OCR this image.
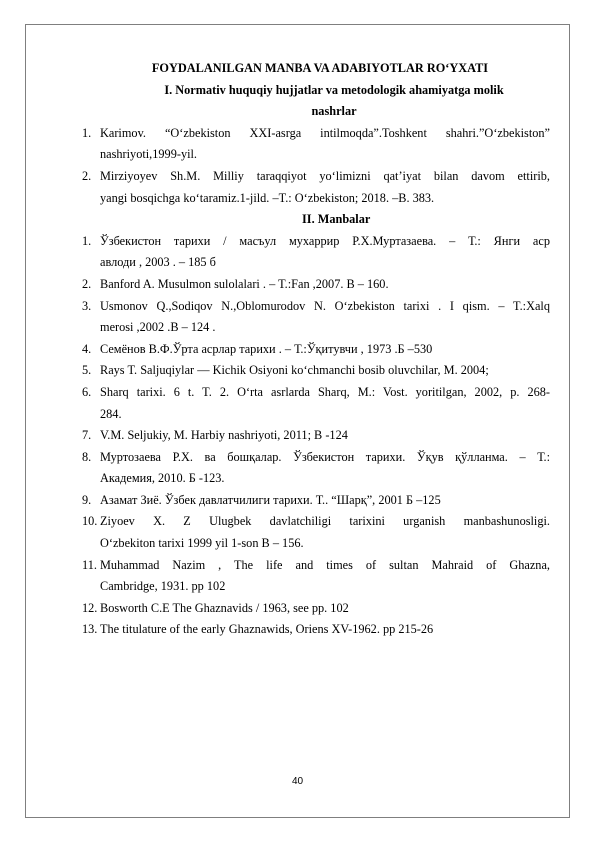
FOYDALANILGAN MANBA VA ADABIYOTLAR RO‘YXATI
I. Normativ huquqiy hujjatlar va metodologik ahamiyatga molik
nashrlar
1. Karimov. “O‘zbekiston XXI-asrga intilmoqda”.Toshkent shahri.”O‘zbekiston”
nashriyoti,1999-yil.
2. Mirziyoyev Sh.M. Milliy taraqqiyot yo‘limizni qat’iyat bilan davom ettirib,
yangi bosqichga ko‘taramiz.1-jild. –T.: O‘zbekiston; 2018. –B. 383.
II. Manbalar
1. Ўзбекистон тарихи / масъул мухаррир Р.Х.Муртазаева. – Т.: Янги аср
авлоди , 2003 . – 185 б
2. Banford A. Musulmon sulolalari . – T.:Fan ,2007. B – 160.
3. Usmonov Q.,Sodiqov N.,Oblomurodov N. O‘zbekiston tarixi . I qism. – T.:Xalq
merosi ,2002 .B – 124 .
4. Семёнов В.Ф.Ўрта асрлар тарихи . – Т.:Ўқитувчи , 1973 .Б –530
5. Rays T. Saljuqiylar — Kichik Osiyoni ko‘chmanchi bosib oluvchilar, M. 2004;
6. Sharq tarixi. 6 t. T. 2. O‘rta asrlarda Sharq, M.: Vost. yoritilgan, 2002, p. 268-
284.
7. V.M. Seljukiy, M. Harbiy nashriyoti, 2011; B -124
8. Муртозаева Р.Х. ва бошқалар. Ўзбекистон тарихи. Ўқув қўлланма. – Т.:
Академия, 2010. Б -123.
9. Азамат Зиё. Ўзбек давлатчилиги тарихи. Т.. “Шарқ”, 2001 Б –125
10. Ziyoev X. Z Ulugbek davlatchiligi tarixini urganish manbashunosligi.
O‘zbekiton tarixi 1999 yil 1-son B – 156.
11. Muhammad Nazim , The life and times of sultan Mahraid of Ghazna,
Cambridge, 1931. pp 102
12. Bosworth C.E The Ghaznavids / 1963, see pp. 102
13. The titulature of the early Ghaznawids, Oriens XV-1962. pp 215-26
40
